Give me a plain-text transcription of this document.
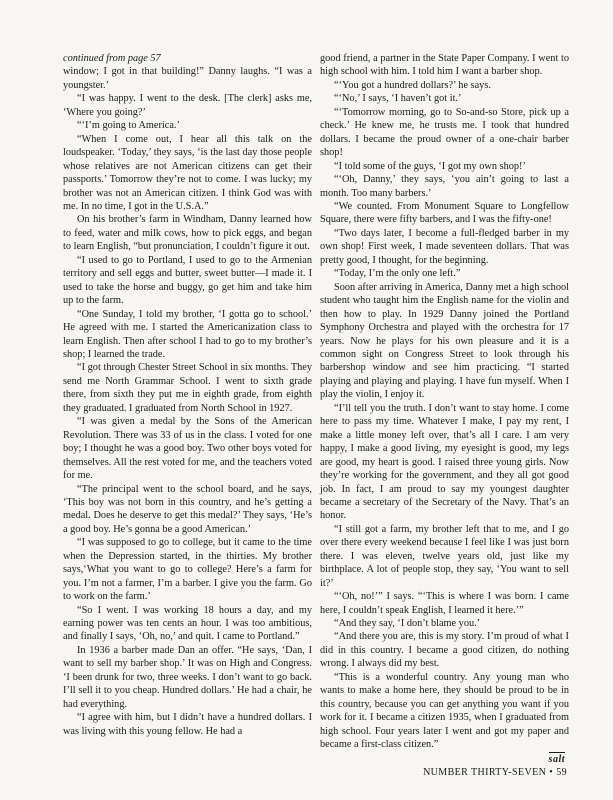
continued from page 57

window; I got in that building!” Danny laughs. “I was a youngster.’

“I was happy. I went to the desk. [The clerk] asks me, ‘Where you going?’

“‘I’m going to America.’

“When I come out, I hear all this talk on the loudspeaker. ‘Today,’ they says, ‘is the last day those people whose relatives are not American citizens can get their passports.’ Tomorrow they’re not to come. I was lucky; my brother was not an American citizen. I think God was with me. In no time, I got in the U.S.A.”

On his brother’s farm in Windham, Danny learned how to feed, water and milk cows, how to pick eggs, and began to learn English, “but pronunciation, I couldn’t figure it out.

“I used to go to Portland, I used to go to the Armenian territory and sell eggs and butter, sweet butter—I made it. I used to take the horse and buggy, go get him and take him up to the farm.

“One Sunday, I told my brother, ‘I gotta go to school.’ He agreed with me. I started the Americanization class to learn English. Then after school I had to go to my brother’s shop; I learned the trade.

“I got through Chester Street School in six months. They send me North Grammar School. I went to sixth grade there, from sixth they put me in eighth grade, from eighth they graduated. I graduated from North School in 1927.

“I was given a medal by the Sons of the American Revolution. There was 33 of us in the class. I voted for one boy; I thought he was a good boy. Two other boys voted for themselves. All the rest voted for me, and the teachers voted for me.

“The principal went to the school board, and he says, ‘This boy was not born in this country, and he’s getting a medal. Does he deserve to get this medal?’ They says, ‘He’s a good boy. He’s gonna be a good American.’

“I was supposed to go to college, but it came to the time when the Depression started, in the thirties. My brother says,‘What you want to go to college? Here’s a farm for you. I’m not a farmer, I’m a barber. I give you the farm. Go to work on the farm.’

“So I went. I was working 18 hours a day, and my earning power was ten cents an hour. I was too ambitious, and finally I says, ‘Oh, no,’ and quit. I came to Portland.”

In 1936 a barber made Dan an offer. “He says, ‘Dan, I want to sell my barber shop.’ It was on High and Congress. ‘I been drunk for two, three weeks. I don’t want to go back. I’ll sell it to you cheap. Hundred dollars.’ He had a chair, he had everything.

“I agree with him, but I didn’t have a hundred dollars. I was living with this young fellow. He had a

good friend, a partner in the State Paper Company. I went to high school with him. I told him I want a barber shop.

“‘You got a hundred dollars?’ he says.

“‘No,’ I says, ‘I haven’t got it.’

“‘Tomorrow morning, go to So-and-so Store, pick up a check.’ He knew me, he trusts me. I took that hundred dollars. I became the proud owner of a one-chair barber shop!

“I told some of the guys, ‘I got my own shop!’

“‘Oh, Danny,’ they says, ‘you ain’t going to last a month. Too many barbers.’

“We counted. From Monument Square to Longfellow Square, there were fifty barbers, and I was the fifty-one!

“Two days later, I become a full-fledged barber in my own shop! First week, I made seventeen dollars. That was pretty good, I thought, for the beginning.

“Today, I’m the only one left.”

Soon after arriving in America, Danny met a high school student who taught him the English name for the violin and then how to play. In 1929 Danny joined the Portland Symphony Orchestra and played with the orchestra for 17 years. Now he plays for his own pleasure and it is a common sight on Congress Street to look through his barbershop window and see him practicing. “I started playing and playing and playing. I have fun myself. When I play the violin, I enjoy it.

“I’ll tell you the truth. I don’t want to stay home. I come here to pass my time. Whatever I make, I pay my rent, I make a little money left over, that’s all I care. I am very happy, I make a good living, my eyesight is good, my legs are good, my heart is good. I raised three young girls. Now they’re working for the government, and they all got good job. In fact, I am proud to say my youngest daughter became a secretary of the Secretary of the Navy. That’s an honor.

“I still got a farm, my brother left that to me, and I go over there every weekend because I feel like I was just born there. I was eleven, twelve years old, just like my birthplace. A lot of people stop, they say, ‘You want to sell it?’

“‘Oh, no!’” I says. “‘This is where I was born. I came here, I couldn’t speak English, I learned it here.’”

“And they say, ‘I don’t blame you.’

“And there you are, this is my story. I’m proud of what I did in this country. I became a good citizen, do nothing wrong. I always did my best.

“This is a wonderful country. Any young man who wants to make a home here, they should be proud to be in this country, because you can get anything you want if you work for it. I became a citizen 1935, when I graduated from high school. Four years later I went and got my paper and became a first-class citizen.”

salt
NUMBER THIRTY-SEVEN • 59
